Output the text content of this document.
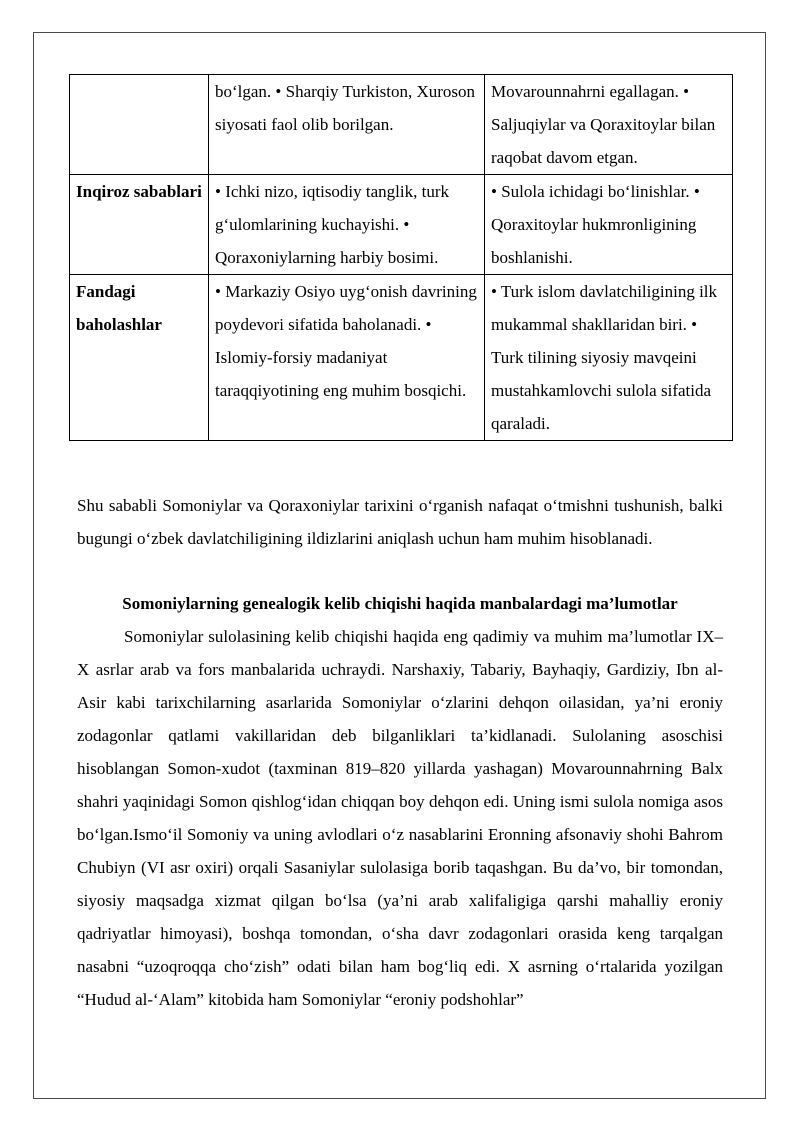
	bo‘lgan. • Sharqiy Turkiston, Xuroson siyosati faol olib borilgan.	Movarounnahrni egallagan. • Saljuqiylar va Qoraxitoylar bilan raqobat davom etgan.
Inqiroz sabablari	• Ichki nizo, iqtisodiy tanglik, turk g‘ulomlarining kuchayishi. • Qoraxoniylarning harbiy bosimi.	• Sulola ichidagi bo‘linishlar. • Qoraxitoylar hukmronligining boshlanishi.
Fandagi baholashlar	• Markaziy Osiyo uyg‘onish davrining poydevori sifatida baholanadi. • Islomiy-forsiy madaniyat taraqqiyotining eng muhim bosqichi.	• Turk islom davlatchiligining ilk mukammal shakllaridan biri. • Turk tilining siyosiy mavqeini mustahkamlovchi sulola sifatida qaraladi.

Shu sababli Somoniylar va Qoraxoniylar tarixini o‘rganish nafaqat o‘tmishni tushunish, balki bugungi o‘zbek davlatchiligining ildizlarini aniqlash uchun ham muhim hisoblanadi.

Somoniylarning genealogik kelib chiqishi haqida manbalardagi ma’lumotlar

Somoniylar sulolasining kelib chiqishi haqida eng qadimiy va muhim ma’lumotlar IX–X asrlar arab va fors manbalarida uchraydi. Narshaxiy, Tabariy, Bayhaqiy, Gardiziy, Ibn al-Asir kabi tarixchilarning asarlarida Somoniylar o‘zlarini dehqon oilasidan, ya’ni eroniy zodagonlar qatlami vakillaridan deb bilganliklari ta’kidlanadi. Sulolaning asoschisi hisoblangan Somon-xudot (taxminan 819–820 yillarda yashagan) Movarounnahrning Balx shahri yaqinidagi Somon qishlog‘idan chiqqan boy dehqon edi. Uning ismi sulola nomiga asos bo‘lgan.Ismo‘il Somoniy va uning avlodlari o‘z nasablarini Eronning afsonaviy shohi Bahrom Chubiyn (VI asr oxiri) orqali Sasaniylar sulolasiga borib taqashgan. Bu da’vo, bir tomondan, siyosiy maqsadga xizmat qilgan bo‘lsa (ya’ni arab xalifaligiga qarshi mahalliy eroniy qadriyatlar himoyasi), boshqa tomondan, o‘sha davr zodagonlari orasida keng tarqalgan nasabni “uzoqroqqa cho‘zish” odati bilan ham bog‘liq edi. X asrning o‘rtalarida yozilgan “Hudud al-‘Alam” kitobida ham Somoniylar “eroniy podshohlar”
